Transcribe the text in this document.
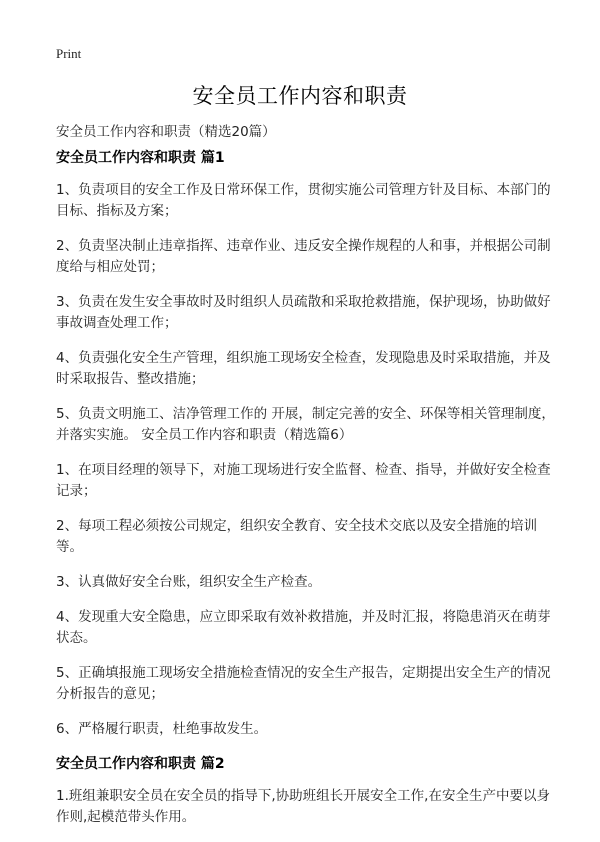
Print
安全员工作内容和职责
安全员工作内容和职责（精选20篇）
安全员工作内容和职责 篇1

1、负责项目的安全工作及日常环保工作，贯彻实施公司管理方针及目标、本部门的目标、指标及方案；

2、负责坚决制止违章指挥、违章作业、违反安全操作规程的人和事，并根据公司制度给与相应处罚；

3、负责在发生安全事故时及时组织人员疏散和采取抢救措施，保护现场，协助做好事故调查处理工作；

4、负责强化安全生产管理，组织施工现场安全检查，发现隐患及时采取措施，并及时采取报告、整改措施；

5、负责文明施工、洁净管理工作的 开展，制定完善的安全、环保等相关管理制度，并落实实施。 安全员工作内容和职责（精选篇6）

1、在项目经理的领导下，对施工现场进行安全监督、检查、指导，并做好安全检查记录；

2、每项工程必须按公司规定，组织安全教育、安全技术交底以及安全措施的培训等。

3、认真做好安全台账，组织安全生产检查。

4、发现重大安全隐患，应立即采取有效补救措施，并及时汇报，将隐患消灭在萌芽状态。

5、正确填报施工现场安全措施检查情况的安全生产报告，定期提出安全生产的情况分析报告的意见；

6、严格履行职责，杜绝事故发生。

安全员工作内容和职责 篇2

1.班组兼职安全员在安全员的指导下,协助班组长开展安全工作,在安全生产中要以身作则,起模范带头作用。
